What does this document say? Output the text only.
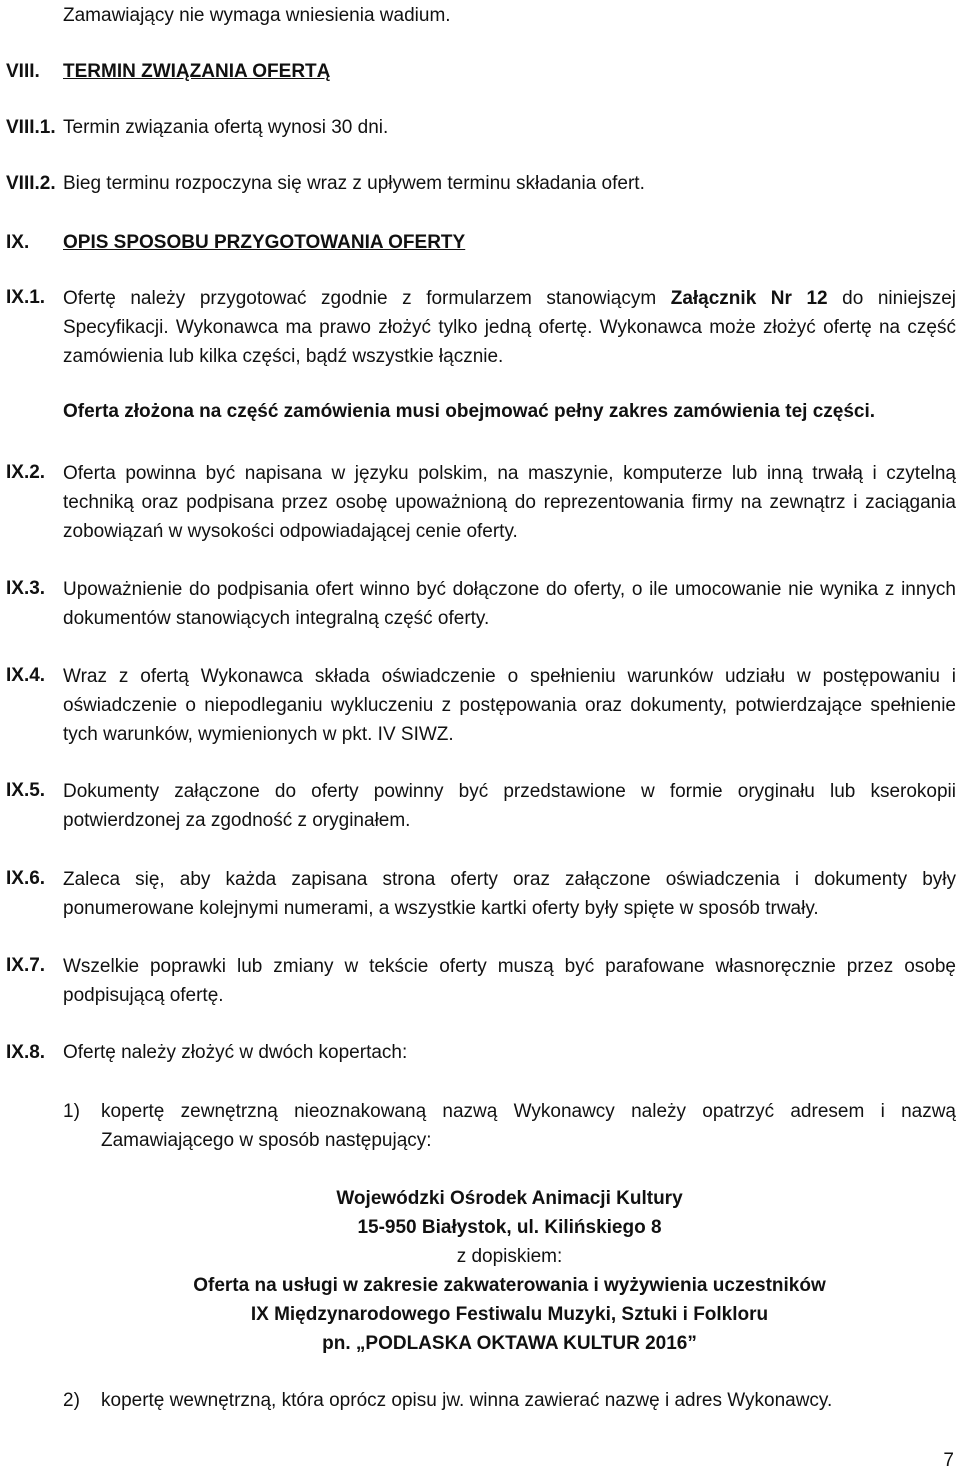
Zamawiający nie wymaga wniesienia wadium.
VIII. TERMIN ZWIĄZANIA OFERTĄ
VIII.1. Termin związania ofertą wynosi 30 dni.
VIII.2. Bieg terminu rozpoczyna się wraz z upływem terminu składania ofert.
IX. OPIS SPOSOBU PRZYGOTOWANIA OFERTY
IX.1. Ofertę należy przygotować zgodnie z formularzem stanowiącym Załącznik Nr 12 do niniejszej Specyfikacji. Wykonawca ma prawo złożyć tylko jedną ofertę. Wykonawca może złożyć ofertę na część zamówienia lub kilka części, bądź wszystkie łącznie.
Oferta złożona na część zamówienia musi obejmować pełny zakres zamówienia tej części.
IX.2. Oferta powinna być napisana w języku polskim, na maszynie, komputerze lub inną trwałą i czytelną techniką oraz podpisana przez osobę upoważnioną do reprezentowania firmy na zewnątrz i zaciągania zobowiązań w wysokości odpowiadającej cenie oferty.
IX.3. Upoważnienie do podpisania ofert winno być dołączone do oferty, o ile umocowanie nie wynika z innych dokumentów stanowiących integralną część oferty.
IX.4. Wraz z ofertą Wykonawca składa oświadczenie o spełnieniu warunków udziału w postępowaniu i oświadczenie o niepodleganiu wykluczeniu z postępowania oraz dokumenty, potwierdzające spełnienie tych warunków, wymienionych w pkt. IV SIWZ.
IX.5. Dokumenty załączone do oferty powinny być przedstawione w formie oryginału lub kserokopii potwierdzonej za zgodność z oryginałem.
IX.6. Zaleca się, aby każda zapisana strona oferty oraz załączone oświadczenia i dokumenty były ponumerowane kolejnymi numerami, a wszystkie kartki oferty były spięte w sposób trwały.
IX.7. Wszelkie poprawki lub zmiany w tekście oferty muszą być parafowane własnoręcznie przez osobę podpisującą ofertę.
IX.8. Ofertę należy złożyć w dwóch kopertach:
1) kopertę zewnętrzną nieoznakowaną nazwą Wykonawcy należy opatrzyć adresem i nazwą Zamawiającego w sposób następujący:
Wojewódzki Ośrodek Animacji Kultury
15-950 Białystok, ul. Kilińskiego 8
z dopiskiem:
Oferta na usługi w zakresie zakwaterowania i wyżywienia uczestników
IX Międzynarodowego Festiwalu Muzyki, Sztuki i Folkloru
pn. „PODLASKA OKTAWA KULTUR 2016”
2) kopertę wewnętrzną, która oprócz opisu jw. winna zawierać nazwę i adres Wykonawcy.
7
